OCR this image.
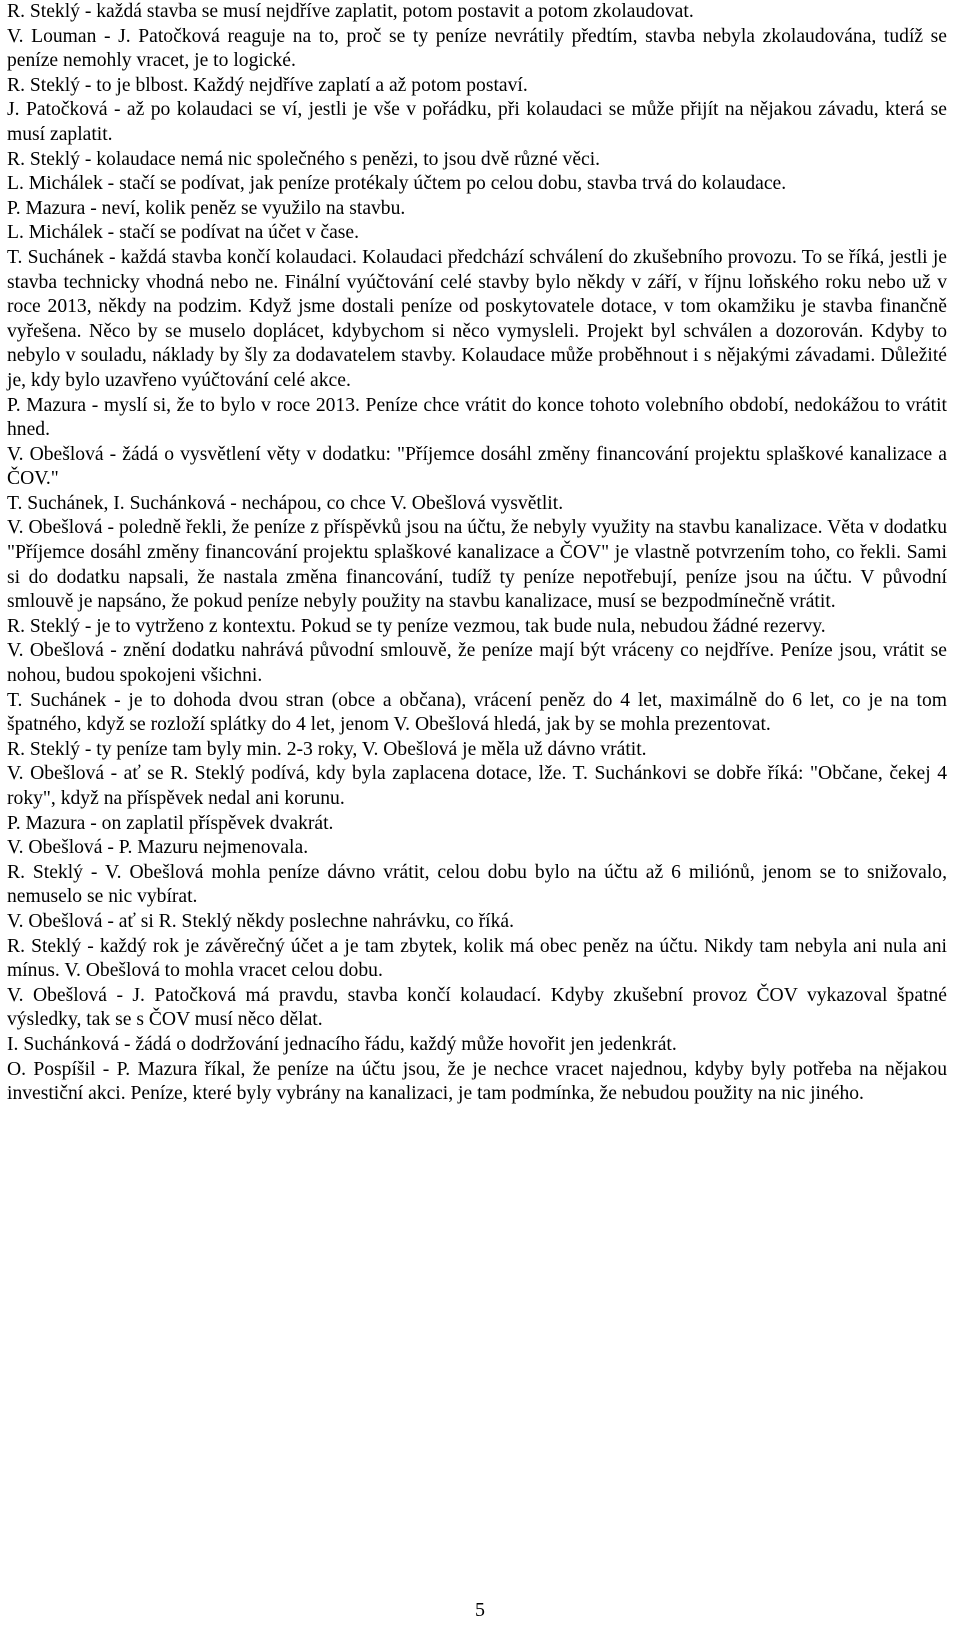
R. Steklý - každá stavba se musí nejdříve zaplatit, potom postavit a potom zkolaudovat.

V. Louman - J. Patočková reaguje na to, proč se ty peníze nevrátily předtím, stavba nebyla zkolaudována, tudíž se peníze nemohly vracet, je to logické.

R. Steklý - to je blbost. Každý nejdříve zaplatí a až potom postaví.

J. Patočková - až po kolaudaci se ví, jestli je vše v pořádku, při kolaudaci se může přijít na nějakou závadu, která se musí zaplatit.

R. Steklý - kolaudace nemá nic společného s penězi, to jsou dvě různé věci.

L. Michálek - stačí se podívat, jak peníze protékaly účtem po celou dobu, stavba trvá do kolaudace.

P. Mazura - neví, kolik peněz se využilo na stavbu.

L. Michálek - stačí se podívat na účet v čase.

T. Suchánek - každá stavba končí kolaudaci. Kolaudaci předchází schválení do zkušebního provozu. To se říká, jestli je stavba technicky vhodná nebo ne. Finální vyúčtování celé stavby bylo někdy v září, v říjnu loňského roku nebo už v roce 2013, někdy na podzim. Když jsme dostali peníze od poskytovatele dotace, v tom okamžiku je stavba finančně vyřešena. Něco by se muselo doplácet, kdybychom si něco vymysleli. Projekt byl schválen a dozorován. Kdyby to nebylo v souladu, náklady by šly za dodavatelem stavby. Kolaudace může proběhnout i s nějakými závadami. Důležité je, kdy bylo uzavřeno vyúčtování celé akce.

P. Mazura - myslí si, že to bylo v roce 2013. Peníze chce vrátit do konce tohoto volebního období, nedokážou to vrátit hned.

V. Obešlová - žádá o vysvětlení věty v dodatku: "Příjemce dosáhl změny financování projektu splaškové kanalizace a ČOV."

T. Suchánek, I. Suchánková - nechápou, co chce V. Obešlová vysvětlit.

V. Obešlová - poledně řekli, že peníze z příspěvků jsou na účtu, že nebyly využity na stavbu kanalizace. Věta v dodatku "Příjemce dosáhl změny financování projektu splaškové kanalizace a ČOV" je vlastně potvrzením toho, co řekli. Sami si do dodatku napsali, že nastala změna financování, tudíž ty peníze nepotřebují, peníze jsou na účtu. V původní smlouvě je napsáno, že pokud peníze nebyly použity na stavbu kanalizace, musí se bezpodmínečně vrátit.

R. Steklý - je to vytrženo z kontextu. Pokud se ty peníze vezmou, tak bude nula, nebudou žádné rezervy.

V. Obešlová - znění dodatku nahrává původní smlouvě, že peníze mají být vráceny co nejdříve. Peníze jsou, vrátit se nohou, budou spokojeni všichni.

T. Suchánek - je to dohoda dvou stran (obce a občana), vrácení peněz do 4 let, maximálně do 6 let, co je na tom špatného, když se rozloží splátky do 4 let, jenom V. Obešlová hledá, jak by se mohla prezentovat.

R. Steklý - ty peníze tam byly min. 2-3 roky, V. Obešlová je měla už dávno vrátit.

V. Obešlová - ať se R. Steklý podívá, kdy byla zaplacena dotace, lže. T. Suchánkovi se dobře říká: "Občane, čekej 4 roky", když na příspěvek nedal ani korunu.

P. Mazura - on zaplatil příspěvek dvakrát.

V. Obešlová - P. Mazuru nejmenovala.

R. Steklý - V. Obešlová mohla peníze dávno vrátit, celou dobu bylo na účtu až 6 miliónů, jenom se to snižovalo, nemuselo se nic vybírat.

V. Obešlová - ať si R. Steklý někdy poslechne nahrávku, co říká.

R. Steklý - každý rok je závěrečný účet a je tam zbytek, kolik má obec peněz na účtu. Nikdy tam nebyla ani nula ani mínus. V. Obešlová to mohla vracet celou dobu.

V. Obešlová - J. Patočková má pravdu, stavba končí kolaudací. Kdyby zkušební provoz ČOV vykazoval špatné výsledky, tak se s ČOV musí něco dělat.

I. Suchánková - žádá o dodržování jednacího řádu, každý může hovořit jen jedenkrát.

O. Pospíšil - P. Mazura říkal, že peníze na účtu jsou, že je nechce vracet najednou, kdyby byly potřeba na nějakou investiční akci. Peníze, které byly vybrány na kanalizaci, je tam podmínka, že nebudou použity na nic jiného.

5
